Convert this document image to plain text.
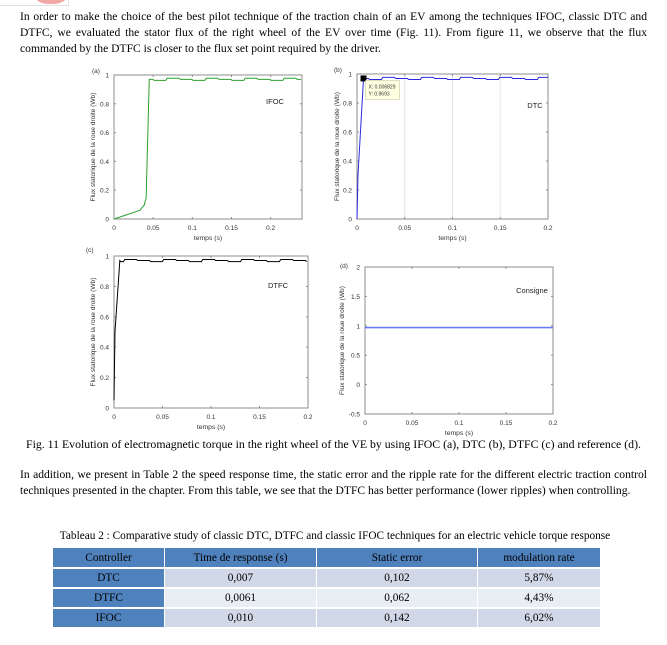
In order to make the choice of the best pilot technique of the traction chain of an EV among the techniques IFOC, classic DTC and DTFC, we evaluated the stator flux of the right wheel of the EV over time (Fig. 11). From figure 11, we observe that the flux commanded by the DTFC is closer to the flux set point required by the driver.

0	0.05	0.1	0.15	0.2
0
0.2
0.4
0.6
0.8
1
temps (s)
Flux statorique de la roue droite (Wb)
(a)
IFOC
0	0.05	0.1	0.15	0.2
0
0.2
0.4
0.6
0.8
1
temps (s)
Flux statorique de la roue droite (Wb)
(b)
DTC
X: 0.006829
Y: 0.9693
0	0.05	0.1	0.15	0.2
0
0.2
0.4
0.6
0.8
1
temps (s)
Flux statorique de la roue droite (Wb)
(c)
DTFC
0	0.05	0.1	0.15	0.2
-0.5
0
0.5
1
1.5
2
temps (s)
Flux statorique de la roue droite (Wb)
(d)
Consigne
Fig. 11 Evolution of electromagnetic torque in the right wheel of the VE by using IFOC (a), DTC (b), DTFC (c) and reference (d).

In addition, we present in Table 2 the speed response time, the static error and the ripple rate for the different electric traction control techniques presented in the chapter. From this table, we see that the DTFC has better performance (lower ripples) when controlling.

Tableau 2 : Comparative study of classic DTC, DTFC and classic IFOC techniques for an electric vehicle torque response
Controller	Time de response (s)	Static error	modulation rate
DTC	0,007	0,102	5,87%
DTFC	0,0061	0,062	4,43%
IFOC	0,010	0,142	6,02%
